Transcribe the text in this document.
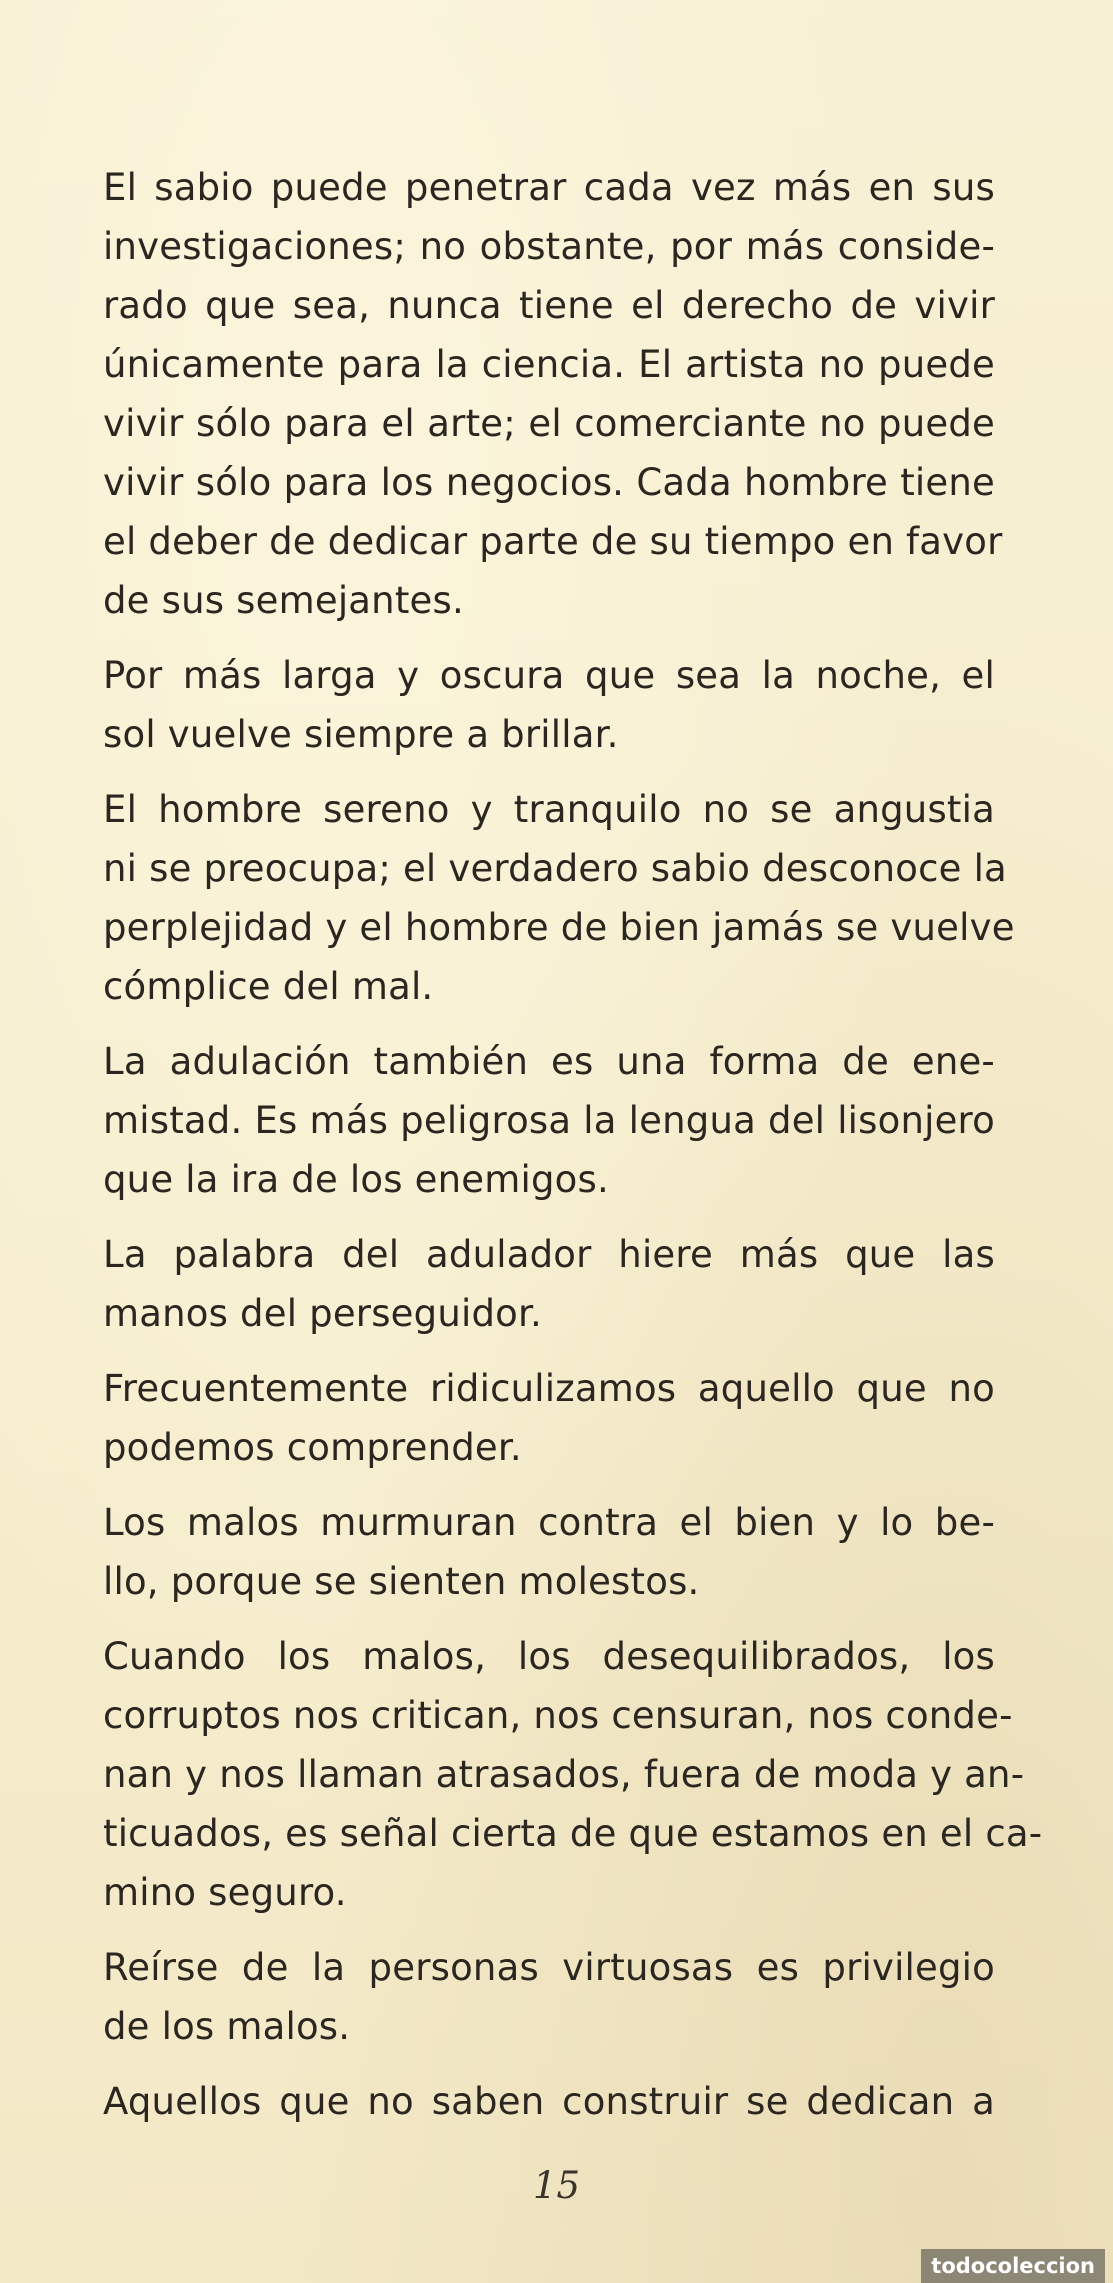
El sabio puede penetrar cada vez más en sus
investigaciones; no obstante, por más conside-
rado que sea, nunca tiene el derecho de vivir
únicamente para la ciencia. El artista no puede
vivir sólo para el arte; el comerciante no puede
vivir sólo para los negocios. Cada hombre tiene
el deber de dedicar parte de su tiempo en favor
de sus semejantes.
Por más larga y oscura que sea la noche, el
sol vuelve siempre a brillar.
El hombre sereno y tranquilo no se angustia
ni se preocupa; el verdadero sabio desconoce la
perplejidad y el hombre de bien jamás se vuelve
cómplice del mal.
La adulación también es una forma de ene-
mistad. Es más peligrosa la lengua del lisonjero
que la ira de los enemigos.
La palabra del adulador hiere más que las
manos del perseguidor.
Frecuentemente ridiculizamos aquello que no
podemos comprender.
Los malos murmuran contra el bien y lo be-
llo, porque se sienten molestos.
Cuando los malos, los desequilibrados, los
corruptos nos critican, nos censuran, nos conde-
nan y nos llaman atrasados, fuera de moda y an-
ticuados, es señal cierta de que estamos en el ca-
mino seguro.
Reírse de la personas virtuosas es privilegio
de los malos.
Aquellos que no saben construir se dedican a
15
todocoleccion
